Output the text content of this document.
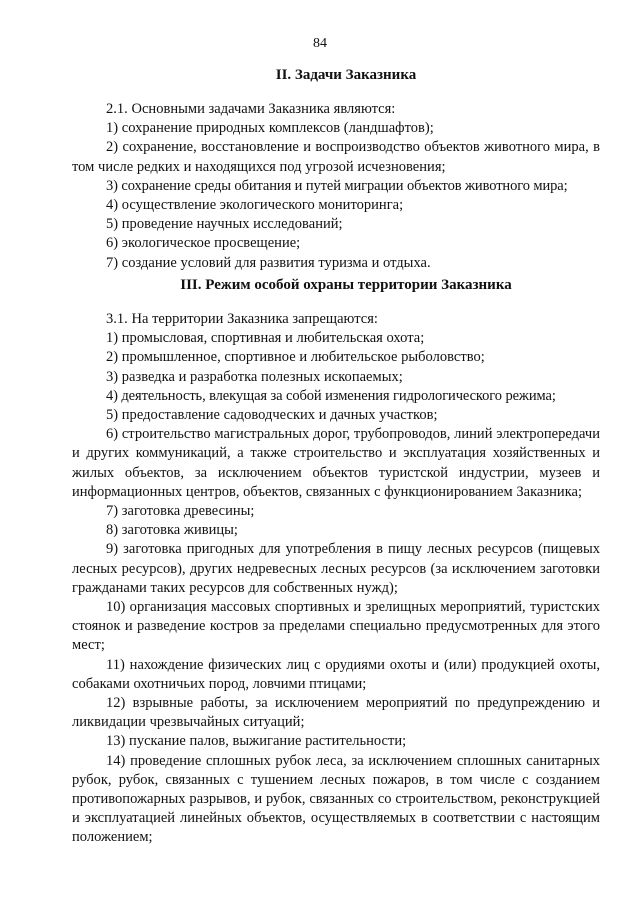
84
II. Задачи Заказника

2.1. Основными задачами Заказника являются:

1) сохранение природных комплексов (ландшафтов);

2) сохранение, восстановление и воспроизводство объектов животного мира, в том числе редких и находящихся под угрозой исчезновения;

3) сохранение среды обитания и путей миграции объектов животного мира;

4) осуществление экологического мониторинга;

5) проведение научных исследований;

6) экологическое просвещение;

7) создание условий для развития туризма и отдыха.

III. Режим особой охраны территории Заказника

3.1. На территории Заказника запрещаются:

1) промысловая, спортивная и любительская охота;

2) промышленное, спортивное и любительское рыболовство;

3) разведка и разработка полезных ископаемых;

4) деятельность, влекущая за собой изменения гидрологического режима;

5) предоставление садоводческих и дачных участков;

6) строительство магистральных дорог, трубопроводов, линий электропередачи и других коммуникаций, а также строительство и эксплуатация хозяйственных и жилых объектов, за исключением объектов туристской индустрии, музеев и информационных центров, объектов, связанных с функционированием Заказника;

7) заготовка древесины;

8) заготовка живицы;

9) заготовка пригодных для употребления в пищу лесных ресурсов (пищевых лесных ресурсов), других недревесных лесных ресурсов (за исключением заготовки гражданами таких ресурсов для собственных нужд);

10) организация массовых спортивных и зрелищных мероприятий, туристских стоянок и разведение костров за пределами специально предусмотренных для этого мест;

11) нахождение физических лиц с орудиями охоты и (или) продукцией охоты, собаками охотничьих пород, ловчими птицами;

12) взрывные работы, за исключением мероприятий по предупреждению и ликвидации чрезвычайных ситуаций;

13) пускание палов, выжигание растительности;

14) проведение сплошных рубок леса, за исключением сплошных санитарных рубок, рубок, связанных с тушением лесных пожаров, в том числе с созданием противопожарных разрывов, и рубок, связанных со строительством, реконструкцией и эксплуатацией линейных объектов, осуществляемых в соответствии с настоящим положением;
